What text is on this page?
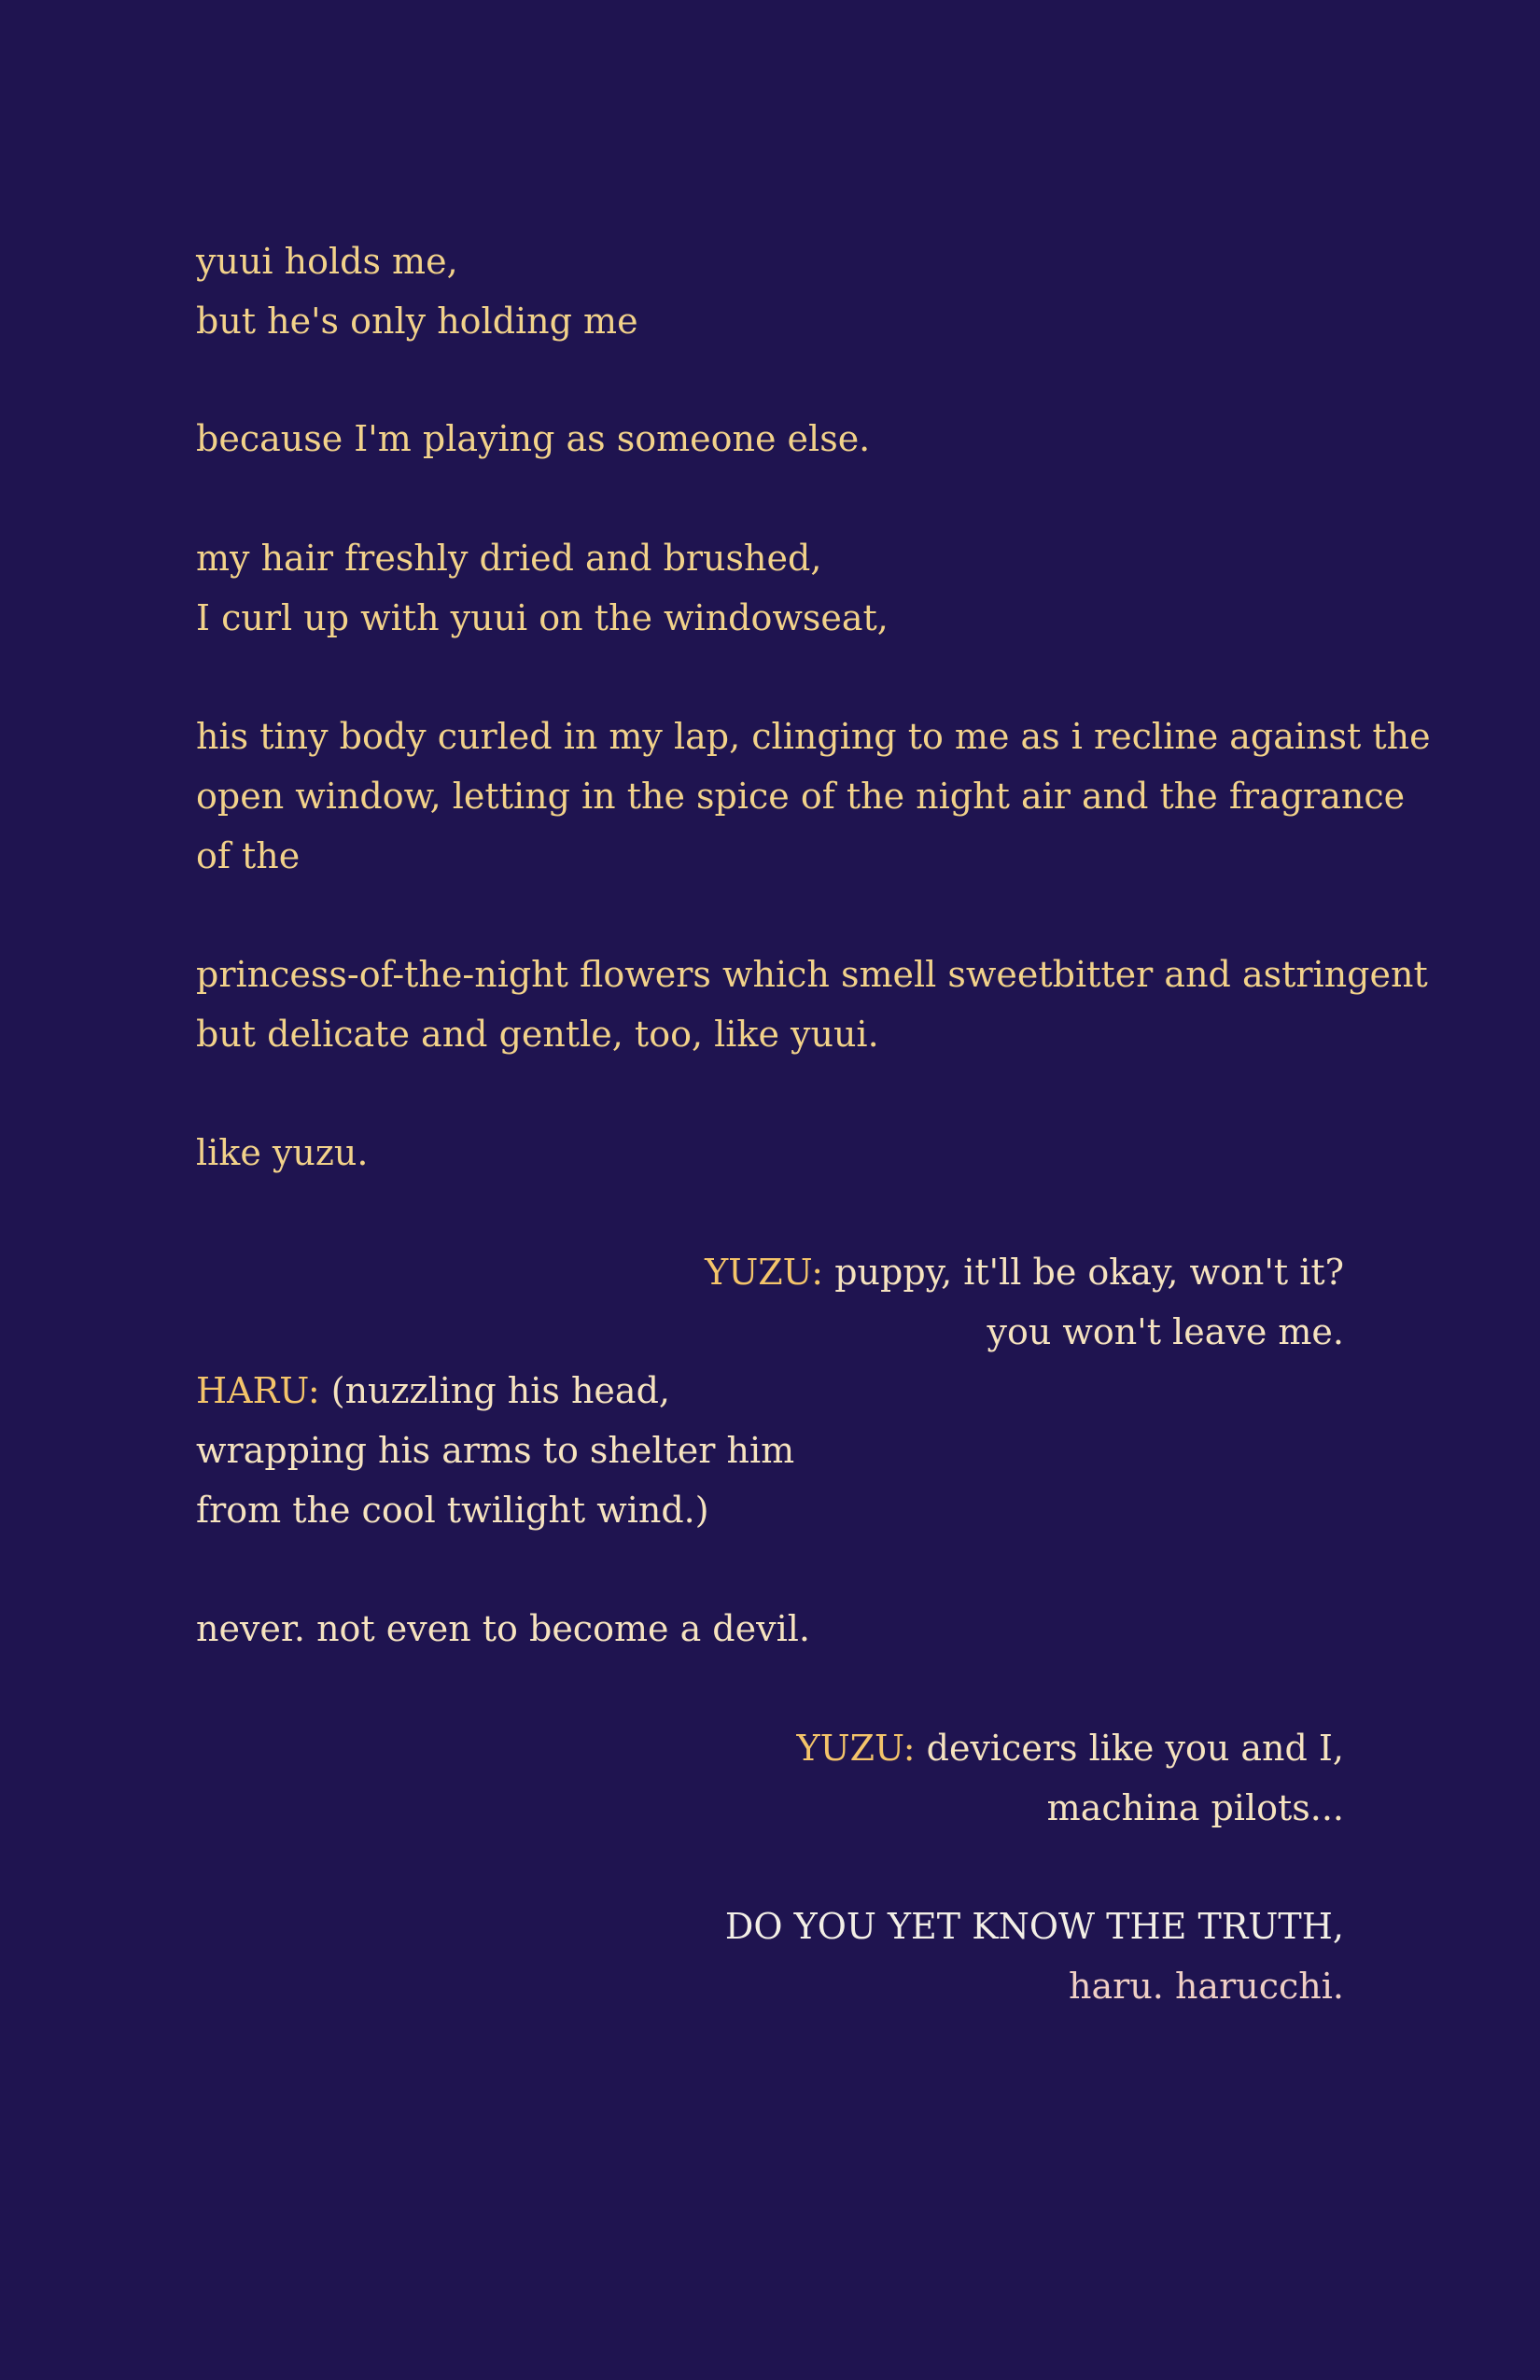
yuui holds me,
but he's only holding me
because I'm playing as someone else.
my hair freshly dried and brushed,
I curl up with yuui on the windowseat,
his tiny body curled in my lap, clinging to me as i recline against the
open window, letting in the spice of the night air and the fragrance
of the
princess-of-the-night flowers which smell sweetbitter and astringent
but delicate and gentle, too, like yuui.
like yuzu.
YUZU: puppy, it'll be okay, won't it?
you won't leave me.
HARU: (nuzzling his head,
wrapping his arms to shelter him
from the cool twilight wind.)
never. not even to become a devil.
YUZU: devicers like you and I,
machina pilots...
DO YOU YET KNOW THE TRUTH,
haru. harucchi.
